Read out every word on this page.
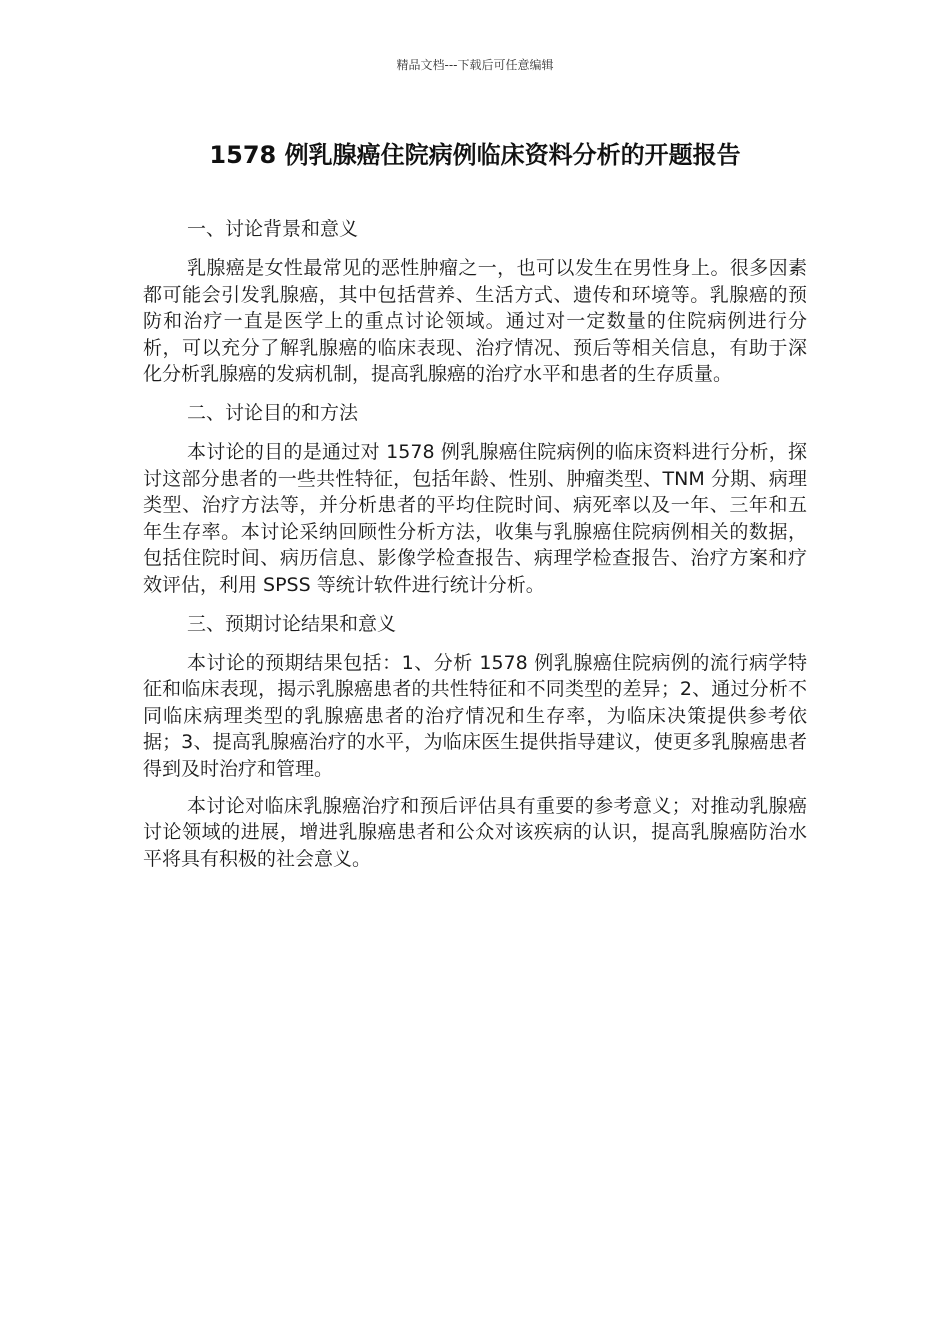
精品文档---下载后可任意编辑
1578 例乳腺癌住院病例临床资料分析的开题报告
一、讨论背景和意义

乳腺癌是女性最常见的恶性肿瘤之一，也可以发生在男性身上。很多因素都可能会引发乳腺癌，其中包括营养、生活方式、遗传和环境等。乳腺癌的预防和治疗一直是医学上的重点讨论领域。通过对一定数量的住院病例进行分析，可以充分了解乳腺癌的临床表现、治疗情况、预后等相关信息，有助于深化分析乳腺癌的发病机制，提高乳腺癌的治疗水平和患者的生存质量。

二、讨论目的和方法

本讨论的目的是通过对 1578 例乳腺癌住院病例的临床资料进行分析，探讨这部分患者的一些共性特征，包括年龄、性别、肿瘤类型、TNM 分期、病理类型、治疗方法等，并分析患者的平均住院时间、病死率以及一年、三年和五年生存率。本讨论采纳回顾性分析方法，收集与乳腺癌住院病例相关的数据，包括住院时间、病历信息、影像学检查报告、病理学检查报告、治疗方案和疗效评估，利用 SPSS 等统计软件进行统计分析。

三、预期讨论结果和意义

本讨论的预期结果包括：1、分析 1578 例乳腺癌住院病例的流行病学特征和临床表现，揭示乳腺癌患者的共性特征和不同类型的差异；2、通过分析不同临床病理类型的乳腺癌患者的治疗情况和生存率，为临床决策提供参考依据；3、提高乳腺癌治疗的水平，为临床医生提供指导建议，使更多乳腺癌患者得到及时治疗和管理。

本讨论对临床乳腺癌治疗和预后评估具有重要的参考意义；对推动乳腺癌讨论领域的进展，增进乳腺癌患者和公众对该疾病的认识，提高乳腺癌防治水平将具有积极的社会意义。
